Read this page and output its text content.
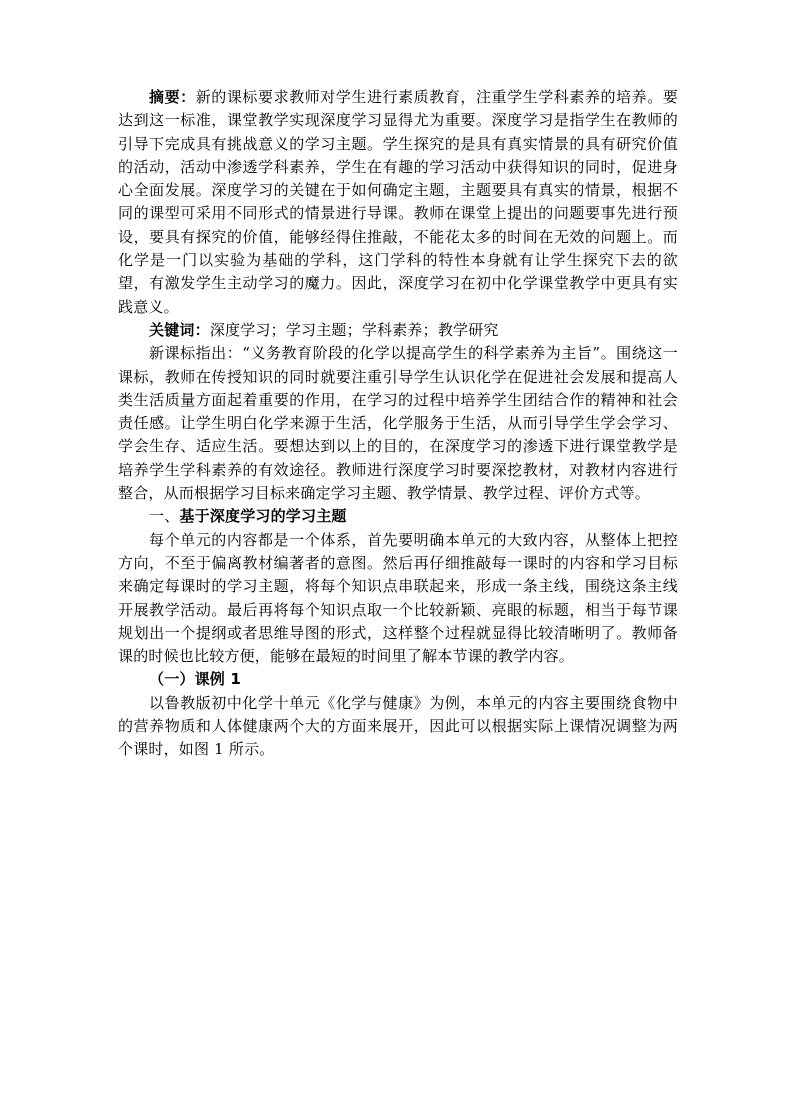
摘要：新的课标要求教师对学生进行素质教育，注重学生学科素养的培养。要达到这一标准，课堂教学实现深度学习显得尤为重要。深度学习是指学生在教师的引导下完成具有挑战意义的学习主题。学生探究的是具有真实情景的具有研究价值的活动，活动中渗透学科素养，学生在有趣的学习活动中获得知识的同时，促进身心全面发展。深度学习的关键在于如何确定主题，主题要具有真实的情景，根据不同的课型可采用不同形式的情景进行导课。教师在课堂上提出的问题要事先进行预设，要具有探究的价值，能够经得住推敲，不能花太多的时间在无效的问题上。而化学是一门以实验为基础的学科，这门学科的特性本身就有让学生探究下去的欲望，有激发学生主动学习的魔力。因此，深度学习在初中化学课堂教学中更具有实践意义。

关键词：深度学习；学习主题；学科素养；教学研究

新课标指出：“义务教育阶段的化学以提高学生的科学素养为主旨”。围绕这一课标，教师在传授知识的同时就要注重引导学生认识化学在促进社会发展和提高人类生活质量方面起着重要的作用，在学习的过程中培养学生团结合作的精神和社会责任感。让学生明白化学来源于生活，化学服务于生活，从而引导学生学会学习、学会生存、适应生活。要想达到以上的目的，在深度学习的渗透下进行课堂教学是培养学生学科素养的有效途径。教师进行深度学习时要深挖教材，对教材内容进行整合，从而根据学习目标来确定学习主题、教学情景、教学过程、评价方式等。

一、基于深度学习的学习主题

每个单元的内容都是一个体系，首先要明确本单元的大致内容，从整体上把控方向，不至于偏离教材编著者的意图。然后再仔细推敲每一课时的内容和学习目标来确定每课时的学习主题，将每个知识点串联起来，形成一条主线，围绕这条主线开展教学活动。最后再将每个知识点取一个比较新颖、亮眼的标题，相当于每节课规划出一个提纲或者思维导图的形式，这样整个过程就显得比较清晰明了。教师备课的时候也比较方便，能够在最短的时间里了解本节课的教学内容。

（一）课例 1

以鲁教版初中化学十单元《化学与健康》为例，本单元的内容主要围绕食物中的营养物质和人体健康两个大的方面来展开，因此可以根据实际上课情况调整为两个课时，如图 1 所示。
